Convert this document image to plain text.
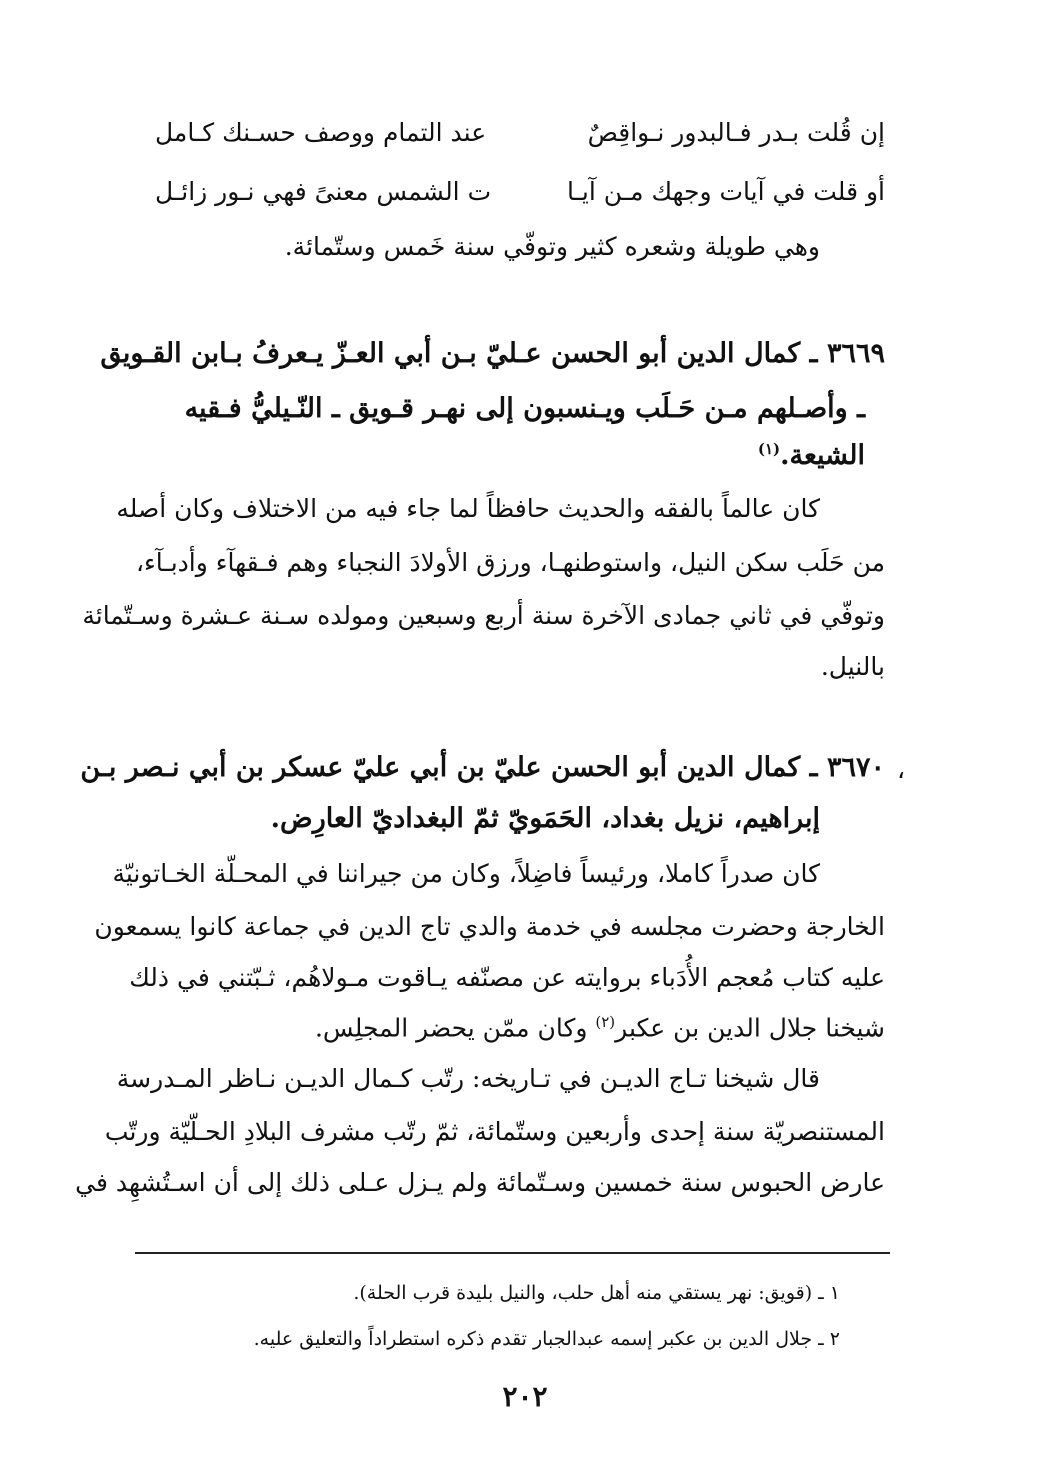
إن قُلت بـدر فـالبدور نـواقِصٌ
عند التمام ووصف حسـنك كـامل
أو قلت في آيات وجهك مـن آيـا
ت الشمس معنىً فهي نـور زائـل
وهي طويلة وشعره كثير وتوفّي سنة خَمس وستّمائة.
٣٦٦٩ ـ كمال الدين أبو الحسن عـليّ بـن أبي العـزّ يـعرفُ بـابن القـويق
ـ وأصـلهم مـن حَـلَب ويـنسبون إلى نهـر قـويق ـ النّـيليُّ فـقيه
الشيعة.$^{(١)}$
كان عالماً بالفقه والحديث حافظاً لما جاء فيه من الاختلاف وكان أصله
من حَلَب سكن النيل، واستوطنهـا، ورزق الأولادَ النجباء وهم فـقهآء وأدبـآء،
وتوفّي في ثاني جمادى الآخرة سنة أربع وسبعين ومولده سـنة عـشرة وسـتّمائة
بالنيل.
،
٣٦٧٠ ـ كمال الدين أبو الحسن عليّ بن أبي عليّ عسكر بن أبي نـصر بـن
إبراهيم، نزيل بغداد، الحَمَويّ ثمّ البغداديّ العارِض.
كان صدراً كاملا، ورئيساً فاضِلاً، وكان من جيراننا في المحـلّة الخـاتونيّة
الخارجة وحضرت مجلسه في خدمة والدي تاج الدين في جماعة كانوا يسمعون
عليه كتاب مُعجم الأُدَباء بروايته عن مصنّفه يـاقوت مـولاهُم، ثـبّتني في ذلك
شيخنا جلال الدين بن عكبر$^{(٢)}$ وكان ممّن يحضر المجلِس.
قال شيخنا تـاج الديـن في تـاريخه: رتّب كـمال الديـن نـاظر المـدرسة
المستنصريّة سنة إحدى وأربعين وستّمائة، ثمّ رتّب مشرف البلادِ الحـلّيّة ورتّب
عارض الحبوس سنة خمسين وسـتّمائة ولم يـزل عـلى ذلك إلى أن اسـتُشهِد في
١ ـ (قويق: نهر يستقي منه أهل حلب، والنيل بليدة قرب الحلة).
٢ ـ جلال الدين بن عكبر إسمه عبدالجبار تقدم ذكره استطراداً والتعليق عليه.
٢٠٢
